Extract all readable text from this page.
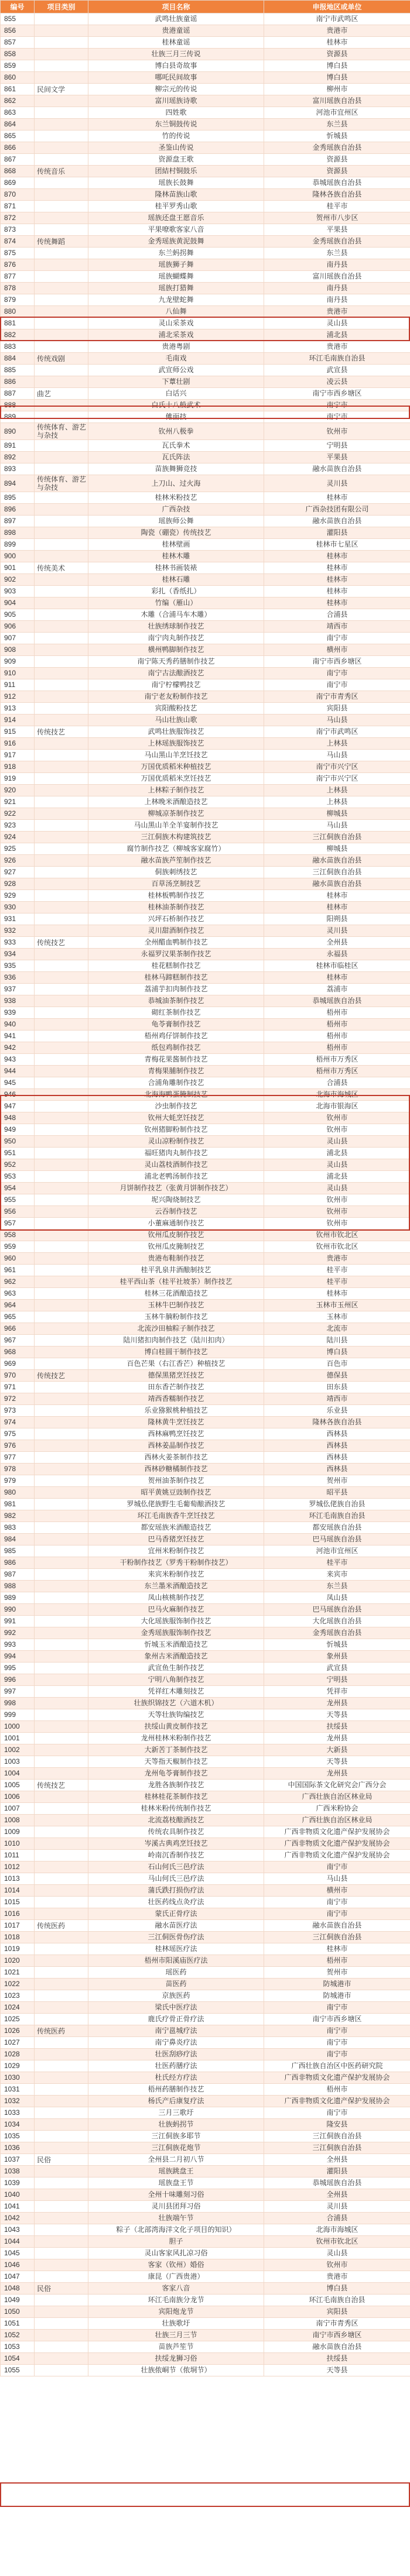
编号	项目类别	项目名称	申报地区或单位
855		武鸣壮族童谣	南宁市武鸣区
856		贵港童谣	贵港市
857		桂林童谣	桂林市
858		壮族三月三传说	资源县
859		博白县奇故事	博白县
860		哪吒民间故事	博白县
861	民间文学	柳宗元的传说	柳州市
862		富川瑶族诗歌	富川瑶族自治县
863		四姓歌	河池市宜州区
864		东兰铜鼓传说	东兰县
865		竹的传说	忻城县
866		圣鉴山传说	金秀瑶族自治县
867		资源盘王歌	资源县
868	传统音乐	团結村铜鼓乐	资源县
869		瑶族长鼓舞	恭城瑶族自治县
870		隆林苗族山歌	隆林各族自治县
871		桂平罗秀山歌	桂平市
872		瑶族还盘王愿音乐	贺州市八步区
873		平果嘹歌客家八音	平果县
874	传统舞蹈	金秀瑶族黄泥鼓舞	金秀瑶族自治县
875		东兰蚂拐舞	东兰县
876		瑶族狮子舞	南丹县
877		瑶族蝴蝶舞	富川瑶族自治县
878		瑶族打猎舞	南丹县
879		九龙壁蛇舞	南丹县
880		八仙舞	贵港市
881		灵山采茶戏	灵山县
882		浦北采茶戏	浦北县
883		贵港粤剧	贵港市
884	传统戏剧	毛南戏	环江毛南族自治县
885		武宣师公戏	武宣县
886		下蕈壮剧	凌云县
887	曲艺	白话兴	南宁市西乡塘区
888		白氏十八般武术	南宁市
889		傩面技	南宁市
890	传统体育、游艺与杂技	钦州八极拳	钦州市
891		瓦氏拳术	宁明县
892		瓦氏阵法	平果县
893		苗族舞狮竞技	融水苗族自治县
894	传统体育、游艺与杂技	上刀山、过火海	灵川县
895		桂林米粉技艺	桂林市
896		广西杂技	广西杂技团有限公司
897		瑶族师公舞	融水苗族自治县
898		陶瓷（硼瓷）传统技艺	灌阳县
899		桂林壁画	桂林市七星区
900		桂林木雕	桂林市
901	传统美术	桂林书画装裱	桂林市
902		桂林石雕	桂林市
903		彩扎（香纸扎）	桂林市
904		竹编（雁山）	桂林市
905		木雕（合浦马车木雕）	合浦县
906		壮族绣球制作技艺	靖西市
907		南宁肉丸制作技艺	南宁市
908		横州鸭脚制作技艺	横州市
909		南宁陈天秀药膳制作技艺	南宁市西乡塘区
910		南宁古法酿酒技艺	南宁市
911		南宁柠檬鸭技艺	南宁市
912		南宁老友粉制作技艺	南宁市青秀区
913		宾阳酸粉技艺	宾阳县
914		马山壮族山歌	马山县
915	传统技艺	武鸣壮族服饰技艺	南宁市武鸣区
916		上林瑶族服饰技艺	上林县
917		马山黑山羊烹饪技艺	马山县
918		万国优质稻米种植技艺	南宁市兴宁区
919		万国优质稻米烹饪技艺	南宁市兴宁区
920		上林粽子制作技艺	上林县
921		上林晚米酒酿造技艺	上林县
922		柳城凉茶制作技艺	柳城县
923		马山黑山羊全羊宴制作技艺	马山县
924		三江侗族木构建筑技艺	三江侗族自治县
925		腐竹制作技艺（柳城客家腐竹）	柳城县
926		融水苗族芦笙制作技艺	融水苗族自治县
927		侗族刺绣技艺	三江侗族自治县
928		百草汤烹制技艺	融水苗族自治县
929		桂林板鸭制作技艺	桂林市
930		桂林油茶制作技艺	桂林市
931		兴坪石桥制作技艺	阳朔县
932		灵川甜酒制作技艺	灵川县
933	传统技艺	全州醋血鸭制作技艺	全州县
934		永福罗汉果茶制作技艺	永福县
935		桂花糕制作技艺	桂林市临桂区
936		桂林马蹄糕制作技艺	桂林市
937		荔浦芋扣肉制作技艺	荔浦市
938		恭城油茶制作技艺	恭城瑶族自治县
939		砌红茶制作技艺	梧州市
940		龟苓膏制作技艺	梧州市
941		梧州鸡仔饼制作技艺	梧州市
942		纸包鸡制作技艺	梧州市
943		青梅花果酱制作技艺	梧州市万秀区
944		青梅果脯制作技艺	梧州市万秀区
945		合浦角雕制作技艺	合浦县
946		北海海鸭蛋腌制技艺	北海市海城区
947		沙虫制作技艺	北海市银海区
948		钦州大蚝烹饪技艺	钦州市
949		钦州猪脚粉制作技艺	钦州市
950		灵山凉粉制作技艺	灵山县
951		福旺猪肉丸制作技艺	浦北县
952		灵山荔枝酒制作技艺	灵山县
953		浦北老鸭汤制作技艺	浦北县
954		月饼制作技艺（张黄月饼制作技艺）	灵山县
955		坭兴陶烧制技艺	钦州市
956		云吞制作技艺	钦州市
957		小董麻通制作技艺	钦州市
958		钦州瓜皮制作技艺	钦州市钦北区
959		钦州瓜皮腌制技艺	钦州市钦北区
960		贵港布鞋制作技艺	贵港市
961		桂平乳泉井酒酿制技艺	桂平市
962		桂平西山茶（桂平社坡茶）制作技艺	桂平市
963		桂林三花酒酿造技艺	桂林市
964		玉林牛巴制作技艺	玉林市玉州区
965		玉林牛腩粉制作技艺	玉林市
966		北流沙田柚粽子制作技艺	北流市
967		陆川猪扣肉制作技艺（陆川扣肉）	陆川县
968		博白桂圆干制作技艺	博白县
969		百色芒果（右江香芒）种植技艺	百色市
970	传统技艺	德保黑猪烹饪技艺	德保县
971		田东香芒制作技艺	田东县
972		靖西香糯制作技艺	靖西市
973		乐业猕猴桃种植技艺	乐业县
974		隆林黄牛烹饪技艺	隆林各族自治县
975		西林麻鸭烹饪技艺	西林县
976		西林姜晶制作技艺	西林县
977		西林火姜茶制作技艺	西林县
978		西林砂糖橘制作技艺	西林县
979		贺州油茶制作技艺	贺州市
980		昭平黄姚豆豉制作技艺	昭平县
981		罗城仫佬族野生毛葡萄酿酒技艺	罗城仫佬族自治县
982		环江毛南族香牛烹饪技艺	环江毛南族自治县
983		都安瑶族米酒酿造技艺	都安瑶族自治县
984		巴马香猪烹饪技艺	巴马瑶族自治县
985		宜州米粉制作技艺	河池市宜州区
986		干粉制作技艺（罗秀干粉制作技艺）	桂平市
987		来宾米粉制作技艺	来宾市
988		东兰墨米酒酿造技艺	东兰县
989		凤山核桃制作技艺	凤山县
990		巴马火麻制作技艺	巴马瑶族自治县
991		大化瑶族服饰制作技艺	大化瑶族自治县
992		金秀瑶族服饰制作技艺	金秀瑶族自治县
993		忻城玉米酒酿造技艺	忻城县
994		象州古米酒酿造技艺	象州县
995		武宣鱼生制作技艺	武宣县
996		宁明八角制作技艺	宁明县
997		凭祥红木雕刻技艺	凭祥市
998		壮族织锦技艺（六道木机）	龙州县
999		天等壮族钩编技艺	天等县
1000		扶绥山黄皮制作技艺	扶绥县
1001		龙州桂林米粉制作技艺	龙州县
1002		大新苦丁茶制作技艺	大新县
1003		天等指天椒制作技艺	天等县
1004		龙州龟苓膏制作技艺	龙州县
1005	传统技艺	龙胜各族制作技艺	中国国际茶文化研究会广西分会
1006		桂林桂花茶制作技艺	广西壮族自治区林业局
1007		桂林米粉传统制作技艺	广西米粉协会
1008		北流荔枝酿酒技艺	广西壮族自治区林业局
1009		传统农具制作技艺	广西非物质文化遗产保护发展协会
1010		岑溪古典鸡烹饪技艺	广西非物质文化遗产保护发展协会
1011		岭南沉香制作技艺	广西非物质文化遗产保护发展协会
1012		石山何氏三邑疗法	南宁市
1013		马山何氏三邑疗法	马山县
1014		蒲氏跌打损伤疗法	横州市
1015		壮医药线点灸疗法	南宁市
1016		蒙氏正骨疗法	南宁市
1017	传统医药	融水苗医疗法	融水苗族自治县
1018		三江侗医骨伤疗法	三江侗族自治县
1019		桂林瑶医疗法	桂林市
1020		梧州市阳溪庙医疗法	梧州市
1021		瑶医药	贺州市
1022		苗医药	防城港市
1023		京族医药	防城港市
1024		梁氏中医疗法	南宁市
1025		鹿氏疗骨正骨疗法	南宁市西乡塘区
1026	传统医药	南宁邕城疗法	南宁市
1027		南宁鼻炎疗法	南宁市
1028		壮医刮痧疗法	南宁市
1029		壮医药膳疗法	广西壮族自治区中医药研究院
1030		杜氏经方疗法	广西非物质文化遗产保护发展协会
1031		梧州药膳制作技艺	梧州市
1032		杨氏产后康复疗法	广西非物质文化遗产保护发展协会
1033		三月三歌圩	南宁市
1034		壮族蚂拐节	隆安县
1035		三江侗族多耶节	三江侗族自治县
1036		三江侗族花炮节	三江侗族自治县
1037	民俗	全州县二月初八节	全州县
1038		瑶族跳盘王	灌阳县
1039		瑶族盘王节	恭城瑶族自治县
1040		全州十味雕刻习俗	全州县
1041		灵川县团拜习俗	灵川县
1042		壮族端午节	合浦县
1043		粽子（北部湾海洋文化子项目的知识）	北海市海城区
1044		胆子	钦州市钦北区
1045		灵山客家风扎凉习俗	灵山县
1046		客家（钦州）婚俗	钦州市
1047		康昆（广西贵港）	贵港市
1048	民俗	客家八音	博白县
1049		环江毛南族分龙节	环江毛南族自治县
1050		宾阳炮龙节	宾阳县
1051		壮族歌圩	南宁市青秀区
1052		壮族三月三节	南宁市西乡塘区
1053		苗族芦笙节	融水苗族自治县
1054		扶绥龙狮习俗	扶绥县
1055		壮族侬峒节（侬垌节）	天等县
